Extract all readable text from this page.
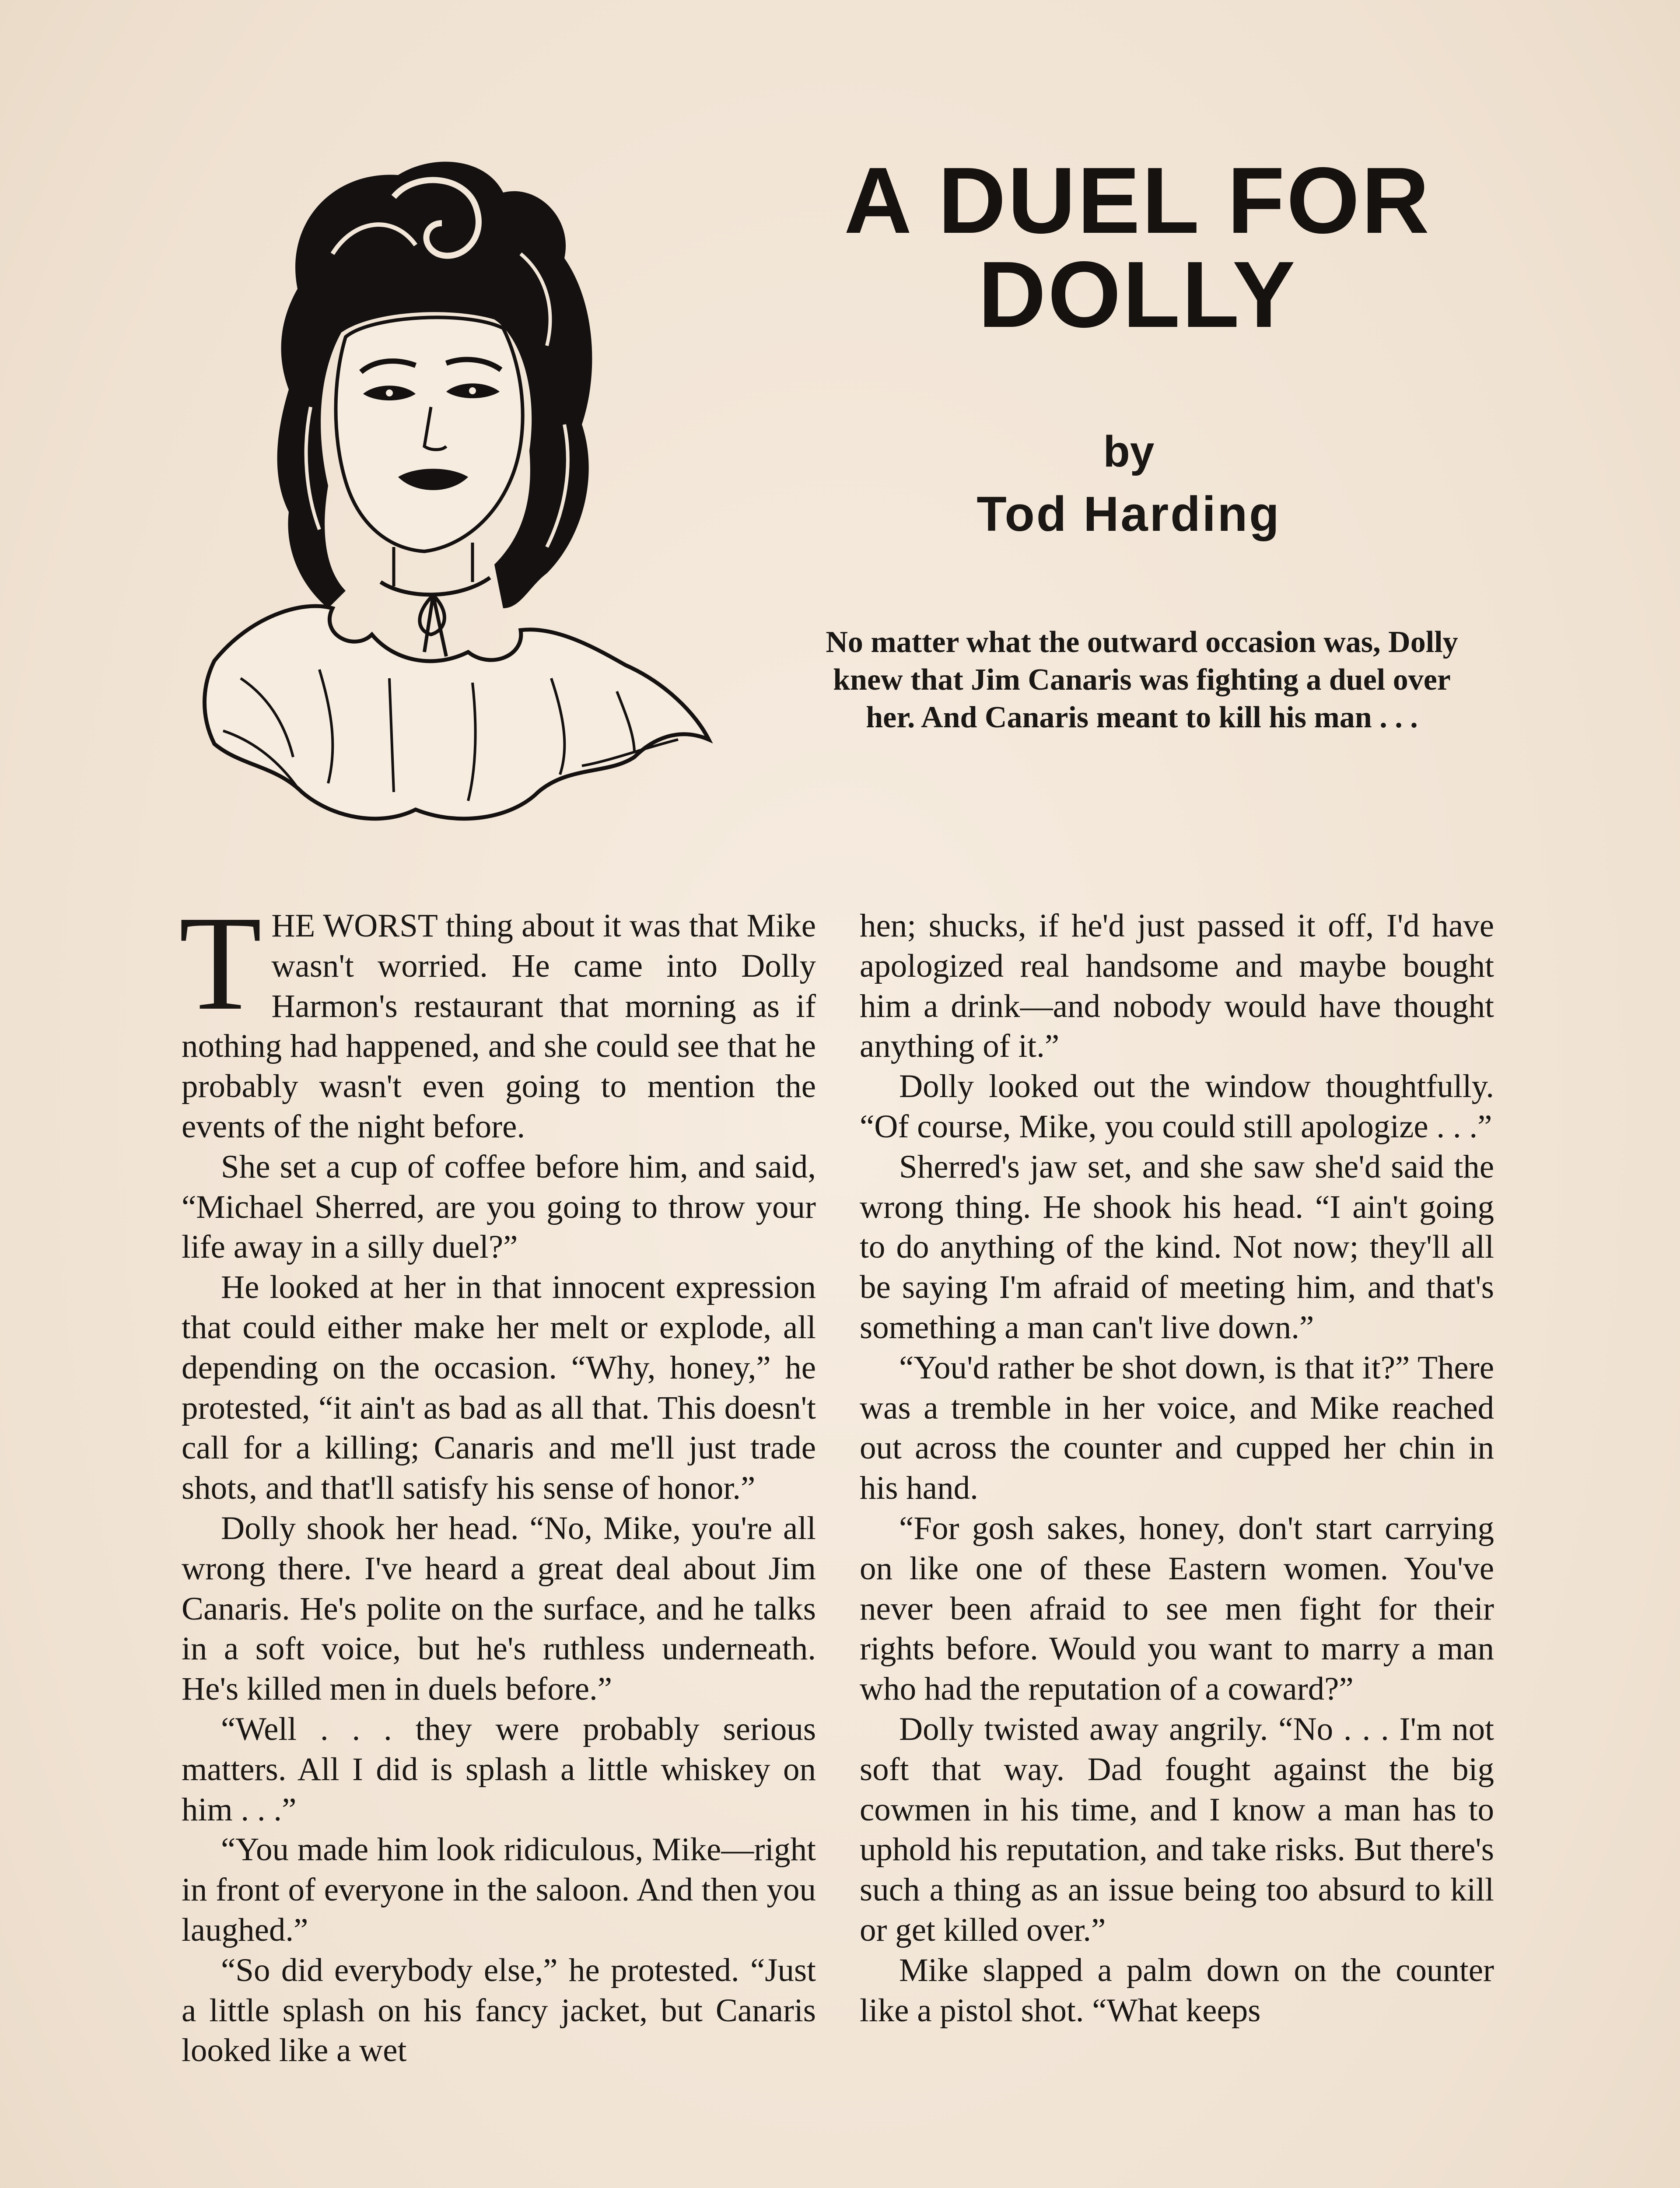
A DUEL FOR
DOLLY
by
Tod Harding
No matter what the outward occasion was, Dolly knew that Jim Canaris was fighting a duel over her. And Canaris meant to kill his man . . .

THE WORST thing about it was that Mike wasn't worried. He came into Dolly Harmon's restaurant that morning as if nothing had happened, and she could see that he probably wasn't even going to mention the events of the night before.

She set a cup of coffee before him, and said, “Michael Sherred, are you going to throw your life away in a silly duel?”

He looked at her in that innocent expression that could either make her melt or explode, all depending on the occasion. “Why, honey,” he protested, “it ain't as bad as all that. This doesn't call for a killing; Canaris and me'll just trade shots, and that'll satisfy his sense of honor.”

Dolly shook her head. “No, Mike, you're all wrong there. I've heard a great deal about Jim Canaris. He's polite on the surface, and he talks in a soft voice, but he's ruthless underneath. He's killed men in duels before.”

“Well . . . they were probably serious matters. All I did is splash a little whiskey on him . . .”

“You made him look ridiculous, Mike—right in front of everyone in the saloon. And then you laughed.”

“So did everybody else,” he protested. “Just a little splash on his fancy jacket, but Canaris looked like a wet

hen; shucks, if he'd just passed it off, I'd have apologized real handsome and maybe bought him a drink—and nobody would have thought anything of it.”

Dolly looked out the window thoughtfully. “Of course, Mike, you could still apologize . . .”

Sherred's jaw set, and she saw she'd said the wrong thing. He shook his head. “I ain't going to do anything of the kind. Not now; they'll all be saying I'm afraid of meeting him, and that's something a man can't live down.”

“You'd rather be shot down, is that it?” There was a tremble in her voice, and Mike reached out across the counter and cupped her chin in his hand.

“For gosh sakes, honey, don't start carrying on like one of these Eastern women. You've never been afraid to see men fight for their rights before. Would you want to marry a man who had the reputation of a coward?”

Dolly twisted away angrily. “No . . . I'm not soft that way. Dad fought against the big cowmen in his time, and I know a man has to uphold his reputation, and take risks. But there's such a thing as an issue being too absurd to kill or get killed over.”

Mike slapped a palm down on the counter like a pistol shot. “What keeps
